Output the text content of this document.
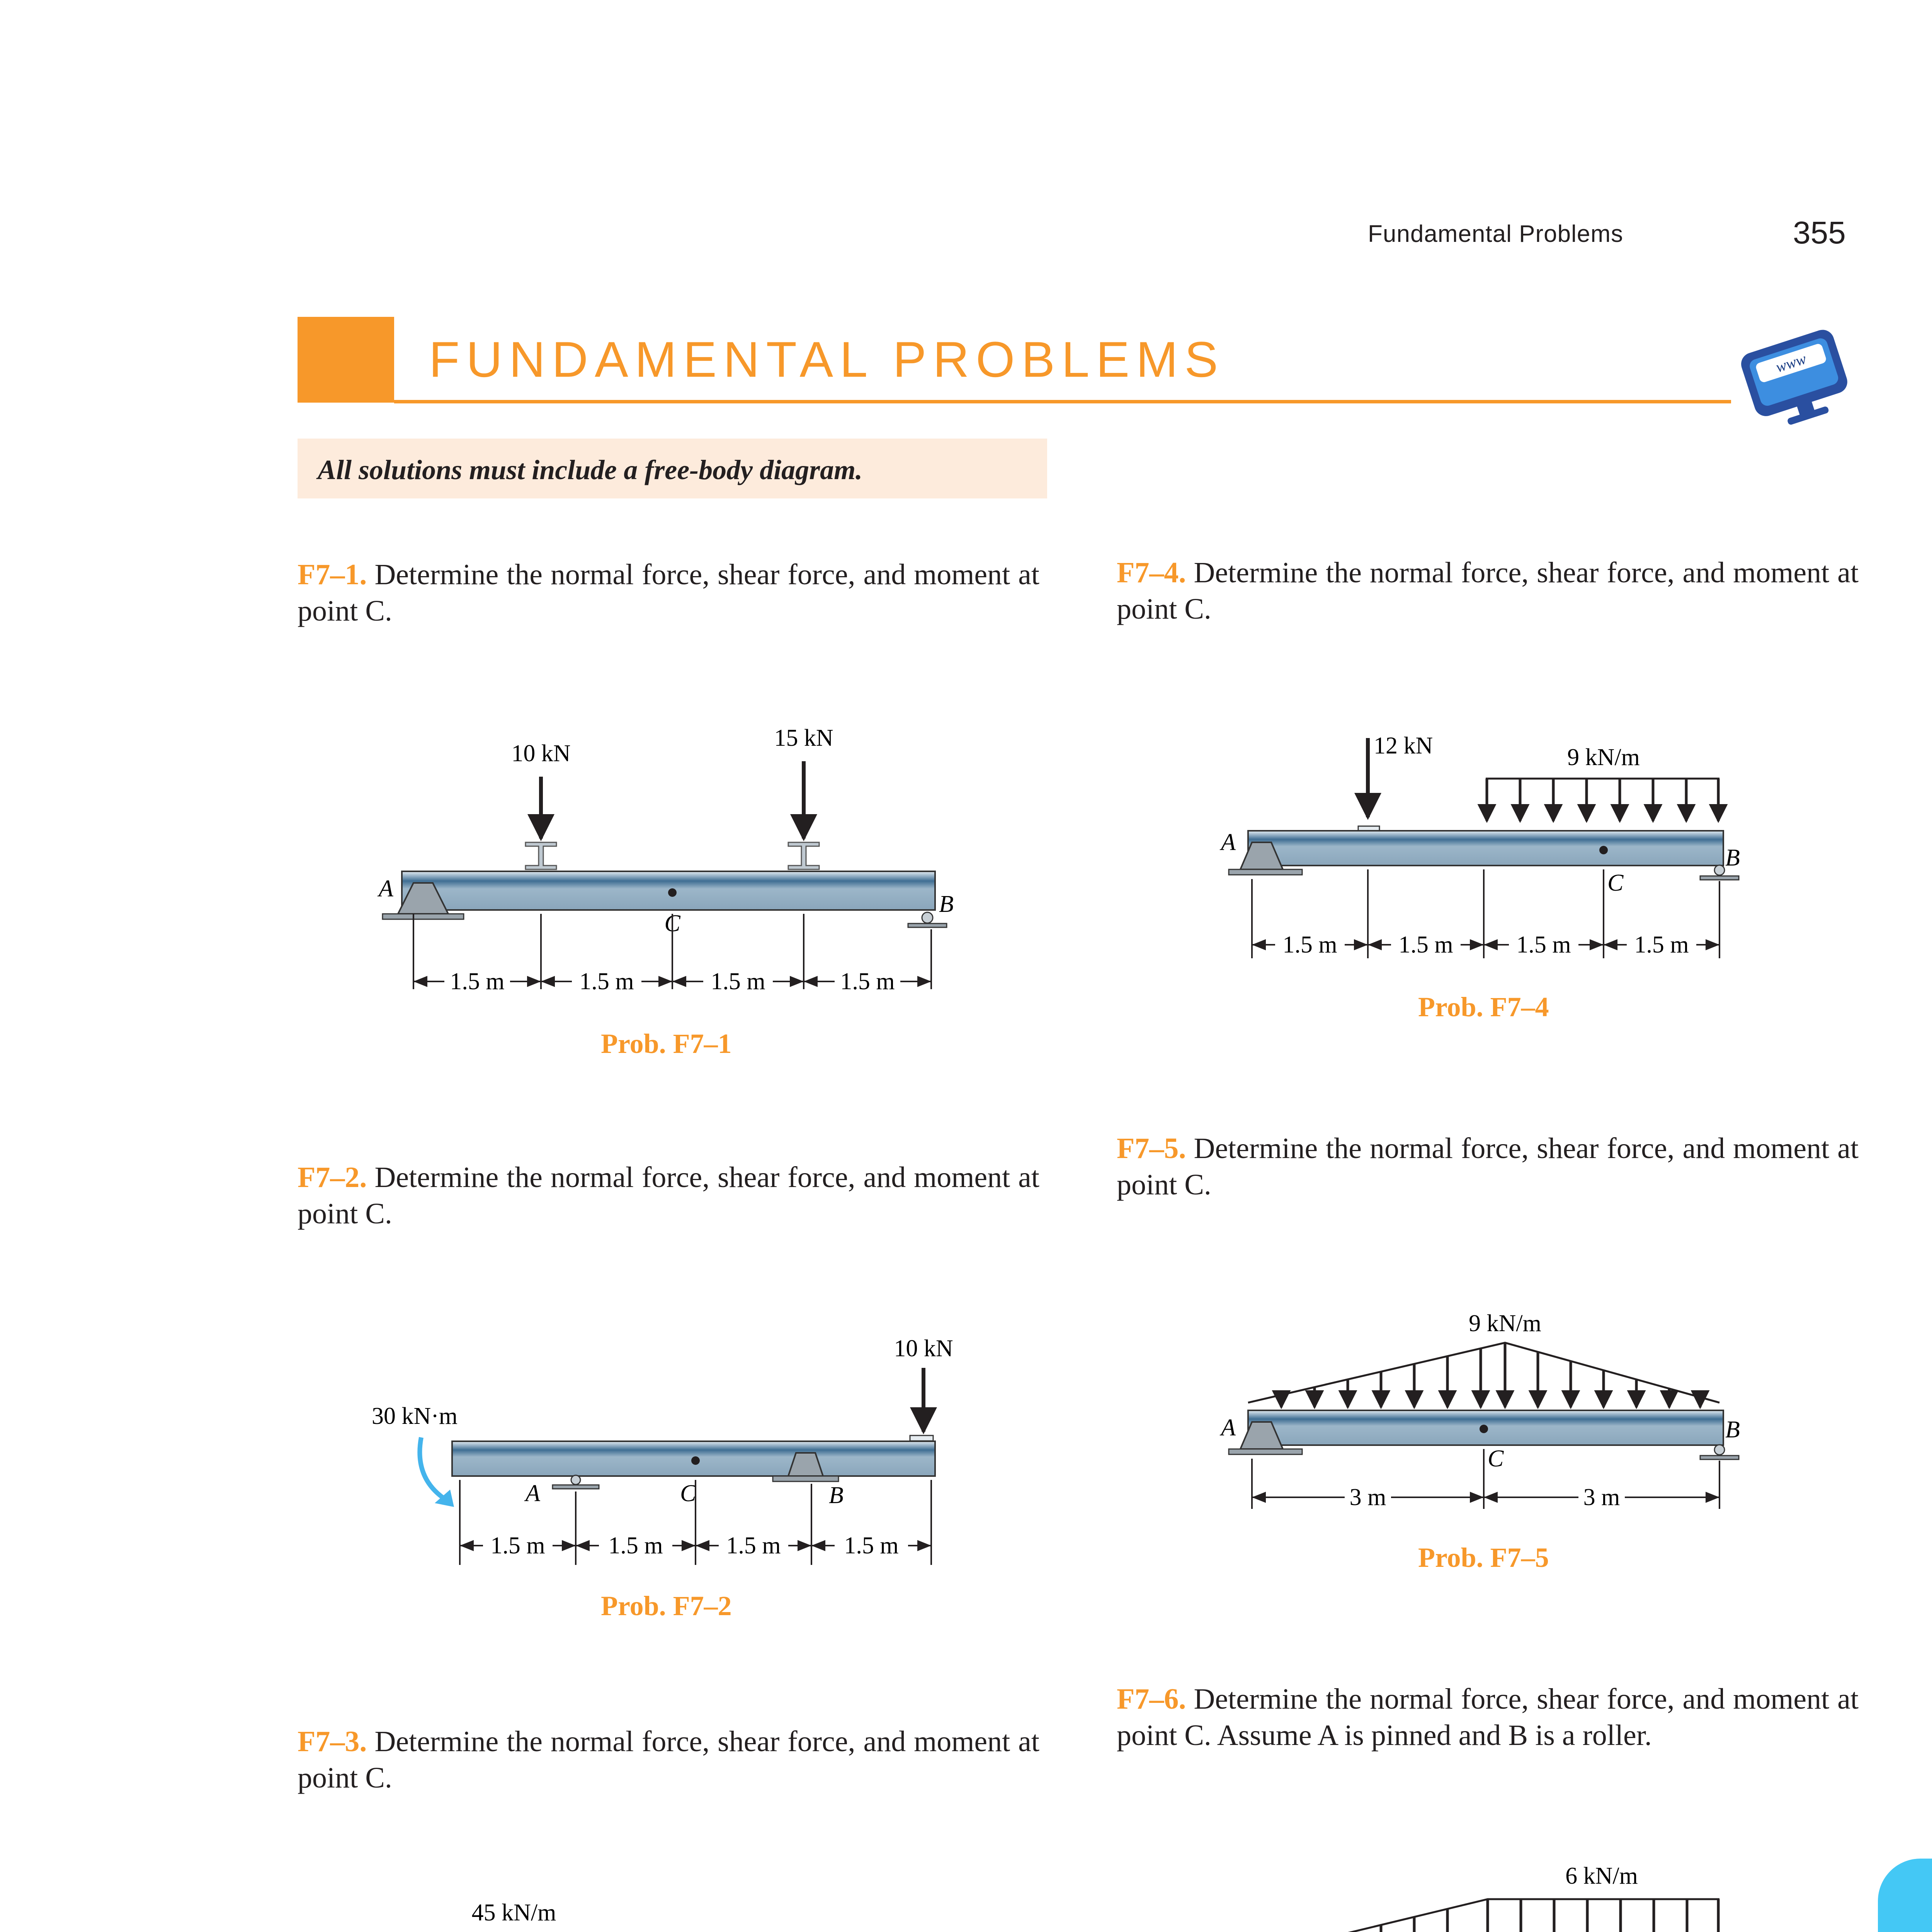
Fundamental Problems	355
FUNDAMENTAL PROBLEMS	www
All solutions must include a free-body diagram.
F7–1. Determine the normal force, shear force, and moment at point C.
F7–2. Determine the normal force, shear force, and moment at point C.
F7–3. Determine the normal force, shear force, and moment at point C.
F7–4. Determine the normal force, shear force, and moment at point C.
F7–5. Determine the normal force, shear force, and moment at point C.
F7–6. Determine the normal force, shear force, and moment at point C. Assume A is pinned and B is a roller.
Prob. F7–1
Prob. F7–2
Prob. F7–4
Prob. F7–5
10 kN
15 kN
A
B
C
1.5 m	1.5 m	1.5 m	1.5 m
30 kN·m
10 kN
A	B
C
1.5 m	1.5 m	1.5 m	1.5 m
45 kN/m
12 kN	9 kN/m
A
B
C
1.5 m	1.5 m	1.5 m	1.5 m
9 kN/m
A	B
C
3 m	3 m
6 kN/m
